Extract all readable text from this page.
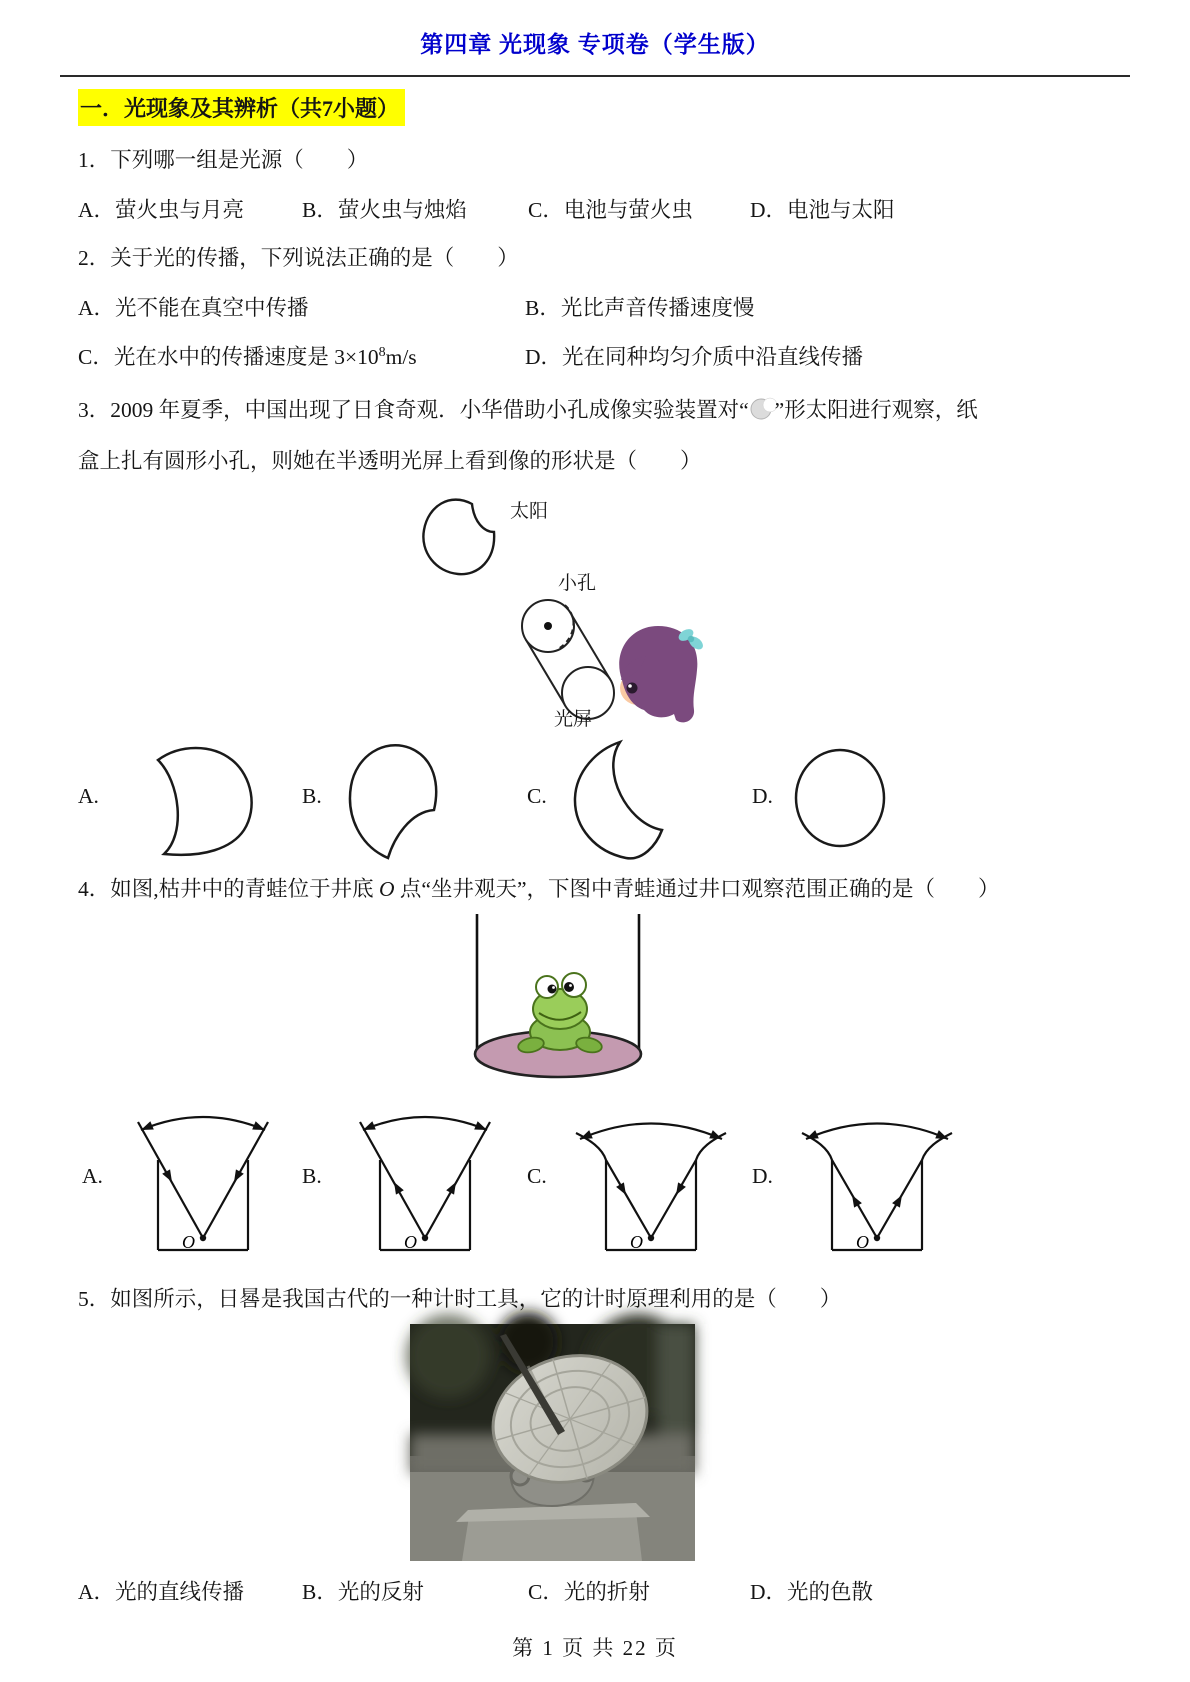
第四章 光现象 专项卷（学生版）

一．光现象及其辨析（共7小题）

1．下列哪一组是光源（　　）

A．萤火虫与月亮	B．萤火虫与烛焰	C．电池与萤火虫	D．电池与太阳

2．关于光的传播，下列说法正确的是（　　）

A．光不能在真空中传播	B．光比声音传播速度慢
C．光在水中的传播速度是 $3\times 10^8m/s$	D．光在同种均匀介质中沿直线传播

3．2009 年夏季，中国出现了日食奇观．小华借助小孔成像实验装置对“ ”形太阳进行观察，纸
盒上扎有圆形小孔，则她在半透明光屏上看到像的形状是（　　）

太阳
小孔
光屏
A.	B.	C.	D.

4．如图,枯井中的青蛙位于井底 O 点“坐井观天”，下图中青蛙通过井口观察范围正确的是（　　）

A.
O
B.
O
C.
O
D.
O

5．如图所示，日晷是我国古代的一种计时工具，它的计时原理利用的是（　　）

A．光的直线传播	B．光的反射	C．光的折射	D．光的色散

第 1 页 共 22 页
